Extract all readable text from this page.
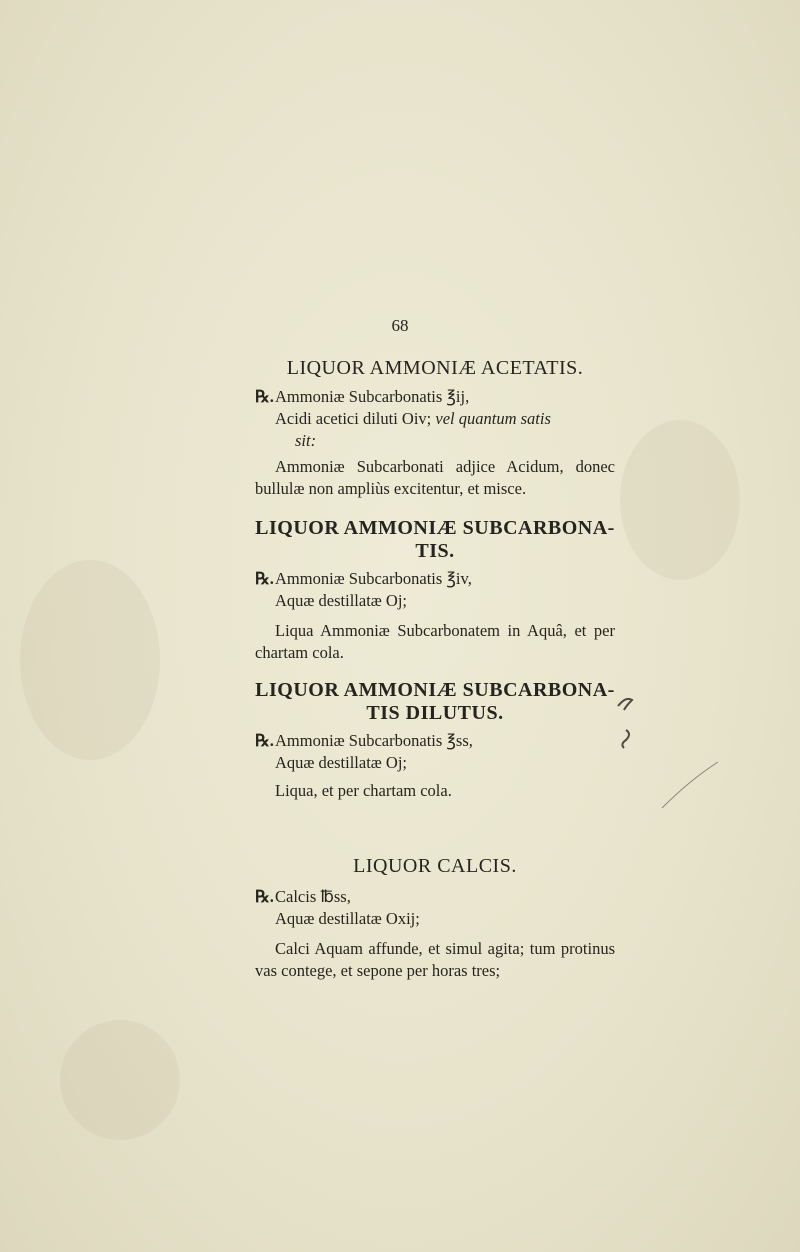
68
LIQUOR AMMONIÆ ACETATIS.
℞.Ammoniæ Subcarbonatis ℥ij,
Acidi acetici diluti Oiv; vel quantum satis
sit:

Ammoniæ Subcarbonati adjice Acidum, donec bullulæ non ampliùs excitentur, et misce.

LIQUOR AMMONIÆ SUBCARBONA-
TIS.
℞.Ammoniæ Subcarbonatis ℥iv,
Aquæ destillatæ Oj;

Liqua Ammoniæ Subcarbonatem in Aquâ, et per chartam cola.

LIQUOR AMMONIÆ SUBCARBONA-
TIS DILUTUS.
℞.Ammoniæ Subcarbonatis ℥ss,
Aquæ destillatæ Oj;

Liqua, et per chartam cola.

LIQUOR CALCIS.
℞.Calcis ℔ss,
Aquæ destillatæ Oxij;

Calci Aquam affunde, et simul agita; tum protinus vas contege, et sepone per horas tres;
